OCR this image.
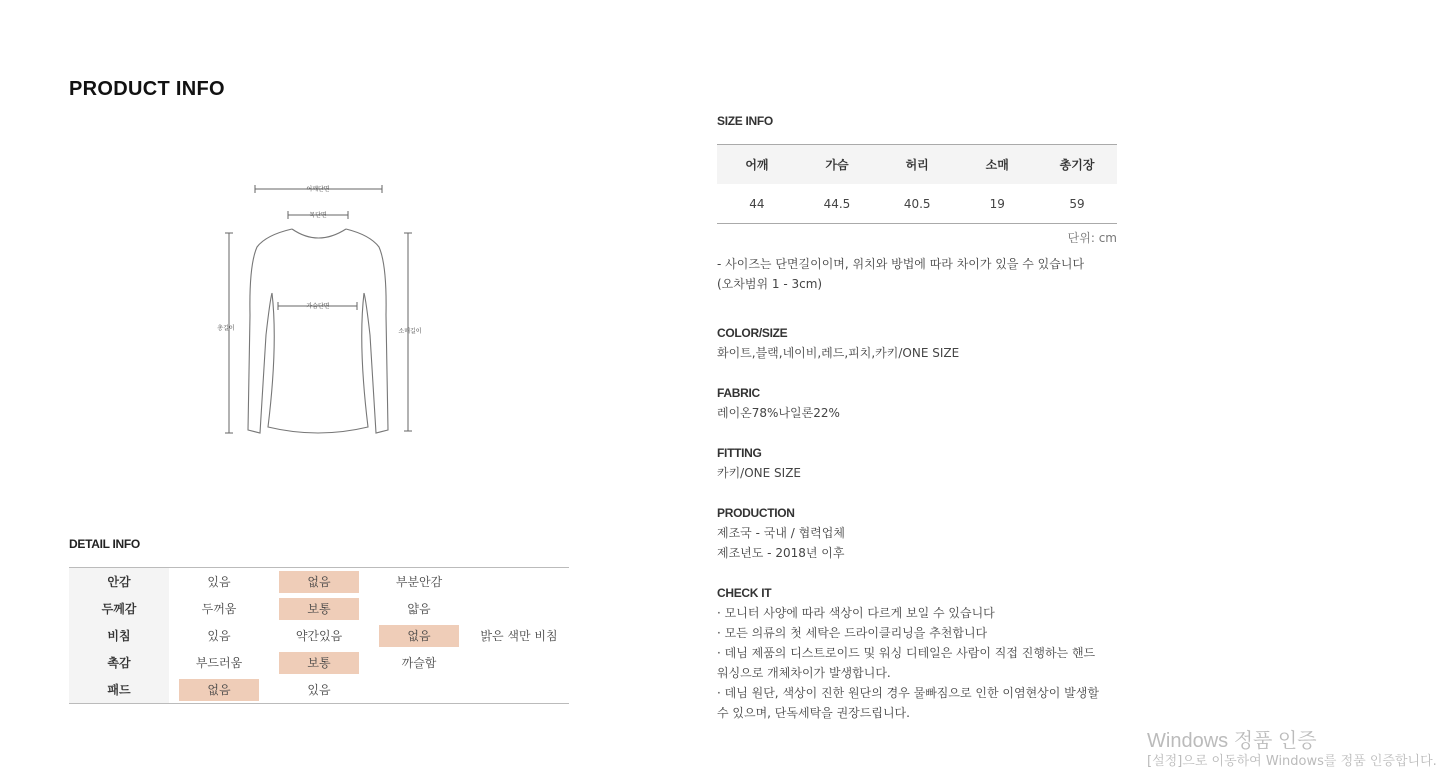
PRODUCT INFO
어깨단면
목단면
가슴단면
총길이	소매길이
DETAIL INFO
안감	있음	없음	부분안감	
두께감	두꺼움	보통	얇음	
비침	있음	약간있음	없음	밝은 색만 비침
촉감	부드러움	보통	까슬함	
패드	없음	있음		
SIZE INFO
어깨	가슴	허리	소매	총기장
44	44.5	40.5	19	59
단위: cm
- 사이즈는 단면길이이며, 위치와 방법에 따라 차이가 있을 수 있습니다
(오차범위 1 - 3cm)
COLOR/SIZE
화이트,블랙,네이비,레드,피치,카키/ONE SIZE
FABRIC
레이온78%나일론22%
FITTING
카키/ONE SIZE
PRODUCTION
제조국 - 국내 / 협력업체
제조년도 - 2018년 이후
CHECK IT
· 모니터 사양에 따라 색상이 다르게 보일 수 있습니다
· 모든 의류의 첫 세탁은 드라이클리닝을 추천합니다
· 데님 제품의 디스트로이드 및 워싱 디테일은 사람이 직접 진행하는 핸드
워싱으로 개체차이가 발생합니다.
· 데님 원단, 색상이 진한 원단의 경우 물빠짐으로 인한 이염현상이 발생할
수 있으며, 단독세탁을 권장드립니다.
Windows 정품 인증
[설정]으로 이동하여 Windows를 정품 인증합니다.
